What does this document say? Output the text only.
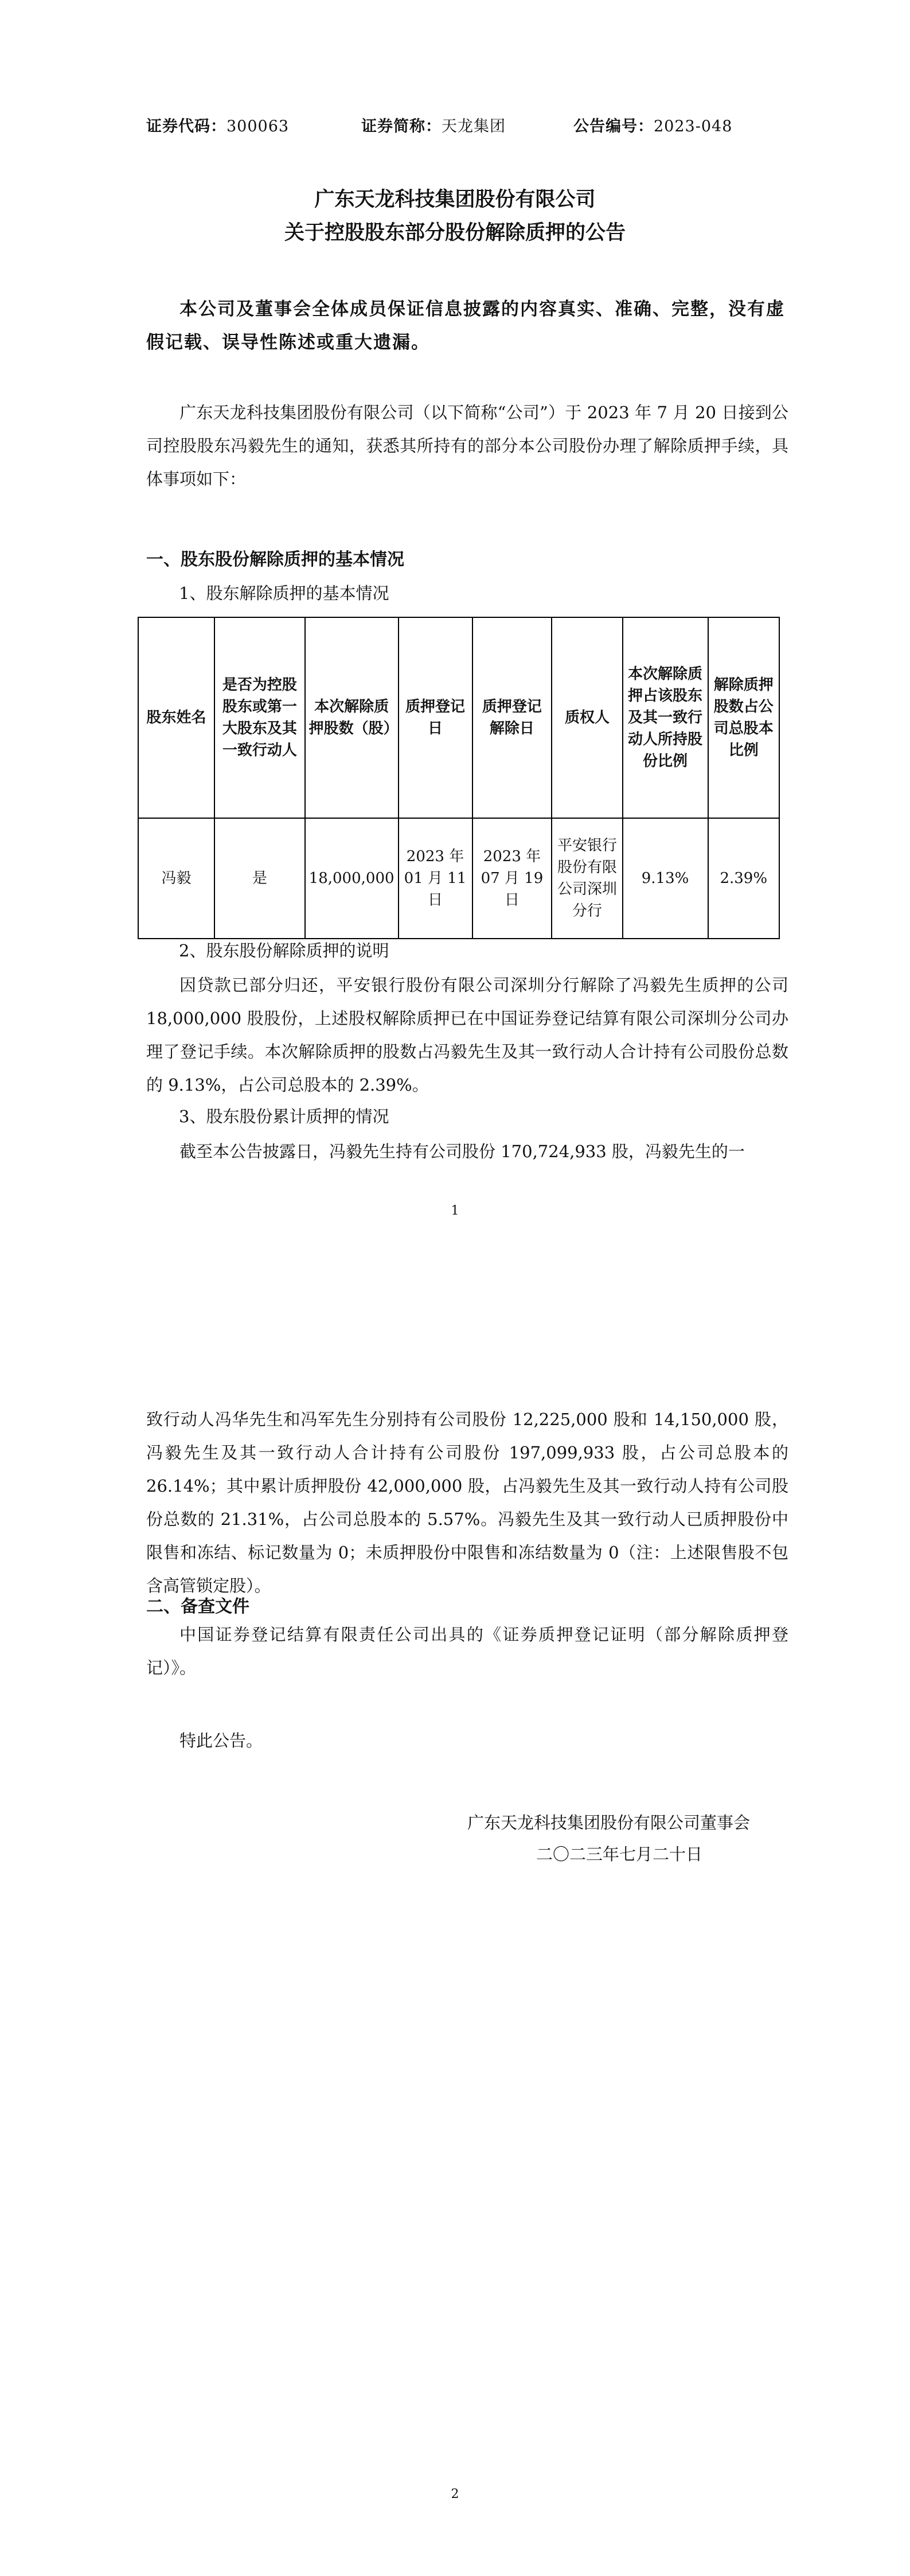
证券代码：300063	证券简称：天龙集团	公告编号：2023-048
广东天龙科技集团股份有限公司
关于控股股东部分股份解除质押的公告
本公司及董事会全体成员保证信息披露的内容真实、准确、完整，没有虚假记载、误导性陈述或重大遗漏。
广东天龙科技集团股份有限公司（以下简称“公司”）于 2023 年 7 月 20 日接到公司控股股东冯毅先生的通知，获悉其所持有的部分本公司股份办理了解除质押手续，具体事项如下：
一、股东股份解除质押的基本情况
1、股东解除质押的基本情况
股东姓名	是否为控股股东或第一大股东及其一致行动人	本次解除质押股数（股）	质押登记日	质押登记解除日	质权人	本次解除质押占该股东及其一致行动人所持股份比例	解除质押股数占公司总股本比例
冯毅	是	18,000,000	2023 年 01 月 11 日	2023 年 07 月 19 日	平安银行股份有限公司深圳分行	9.13%	2.39%
2、股东股份解除质押的说明
因贷款已部分归还，平安银行股份有限公司深圳分行解除了冯毅先生质押的公司 18,000,000 股股份，上述股权解除质押已在中国证券登记结算有限公司深圳分公司办理了登记手续。本次解除质押的股数占冯毅先生及其一致行动人合计持有公司股份总数的 9.13%，占公司总股本的 2.39%。
3、股东股份累计质押的情况
截至本公告披露日，冯毅先生持有公司股份 170,724,933 股，冯毅先生的一
1
致行动人冯华先生和冯军先生分别持有公司股份 12,225,000 股和 14,150,000 股，冯毅先生及其一致行动人合计持有公司股份 197,099,933 股，占公司总股本的 26.14%；其中累计质押股份 42,000,000 股，占冯毅先生及其一致行动人持有公司股份总数的 21.31%，占公司总股本的 5.57%。冯毅先生及其一致行动人已质押股份中限售和冻结、标记数量为 0；未质押股份中限售和冻结数量为 0（注：上述限售股不包含高管锁定股）。
二、备查文件
中国证券登记结算有限责任公司出具的《证券质押登记证明（部分解除质押登记）》。
特此公告。
广东天龙科技集团股份有限公司董事会
二〇二三年七月二十日
2
